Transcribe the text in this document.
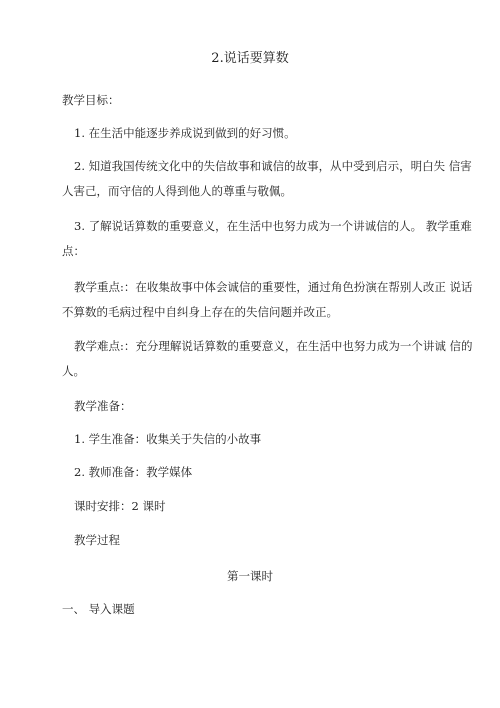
2.说话要算数
教学目标：
1. 在生活中能逐步养成说到做到的好习惯。
2. 知道我国传统文化中的失信故事和诚信的故事，从中受到启示，明白失 信害
人害己，而守信的人得到他人的尊重与敬佩。
3. 了解说话算数的重要意义，在生活中也努力成为一个讲诚信的人。 教学重难
点：
教学重点:：在收集故事中体会诚信的重要性，通过角色扮演在帮别人改正 说话
不算数的毛病过程中自纠身上存在的失信问题并改正。
教学难点:：充分理解说话算数的重要意义，在生活中也努力成为一个讲诚 信的
人。
教学准备：
1. 学生准备：收集关于失信的小故事
2. 教师准备：教学媒体
课时安排：2 课时
教学过程
第一课时
一、 导入课题
